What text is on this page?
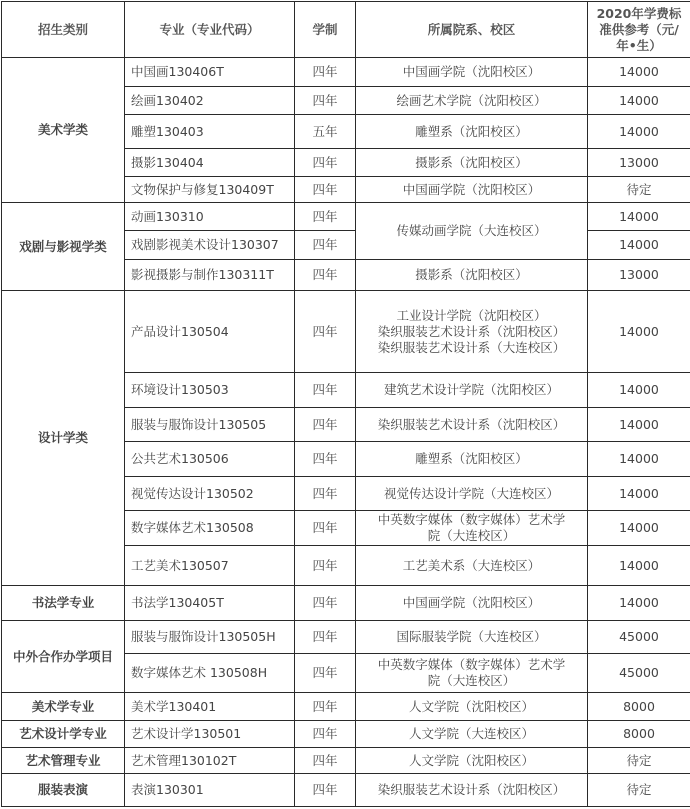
招生类别	专业（专业代码）	学制	所属院系、校区	2020年学费标准供参考（元/年•生）
美术学类	中国画130406T	四年	中国画学院（沈阳校区）	14000
	绘画130402	四年	绘画艺术学院（沈阳校区）	14000
	雕塑130403	五年	雕塑系（沈阳校区）	14000
	摄影130404	四年	摄影系（沈阳校区）	13000
	文物保护与修复130409T	四年	中国画学院（沈阳校区）	待定
戏剧与影视学类	动画130310	四年	传媒动画学院（大连校区）	14000
	戏剧影视美术设计130307	四年		14000
	影视摄影与制作130311T	四年	摄影系（沈阳校区）	13000
设计学类	产品设计130504	四年	工业设计学院（沈阳校区）
染织服装艺术设计系（沈阳校区）
染织服装艺术设计系（大连校区）	14000
	环境设计130503	四年	建筑艺术设计学院（沈阳校区）	14000
	服装与服饰设计130505	四年	染织服装艺术设计系（沈阳校区）	14000
	公共艺术130506	四年	雕塑系（沈阳校区）	14000
	视觉传达设计130502	四年	视觉传达设计学院（大连校区）	14000
	数字媒体艺术130508	四年	中英数字媒体（数字媒体）艺术学院（大连校区）	14000
	工艺美术130507	四年	工艺美术系（大连校区）	14000
书法学专业	书法学130405T	四年	中国画学院（沈阳校区）	14000
中外合作办学项目	服装与服饰设计130505H	四年	国际服装学院（大连校区）	45000
	数字媒体艺术 130508H	四年	中英数字媒体（数字媒体）艺术学院（大连校区）	45000
美术学专业	美术学130401	四年	人文学院（沈阳校区）	8000
艺术设计学专业	艺术设计学130501	四年	人文学院（大连校区）	8000
艺术管理专业	艺术管理130102T	四年	人文学院（沈阳校区）	待定
服装表演	表演130301	四年	染织服装艺术设计系（沈阳校区）	待定
